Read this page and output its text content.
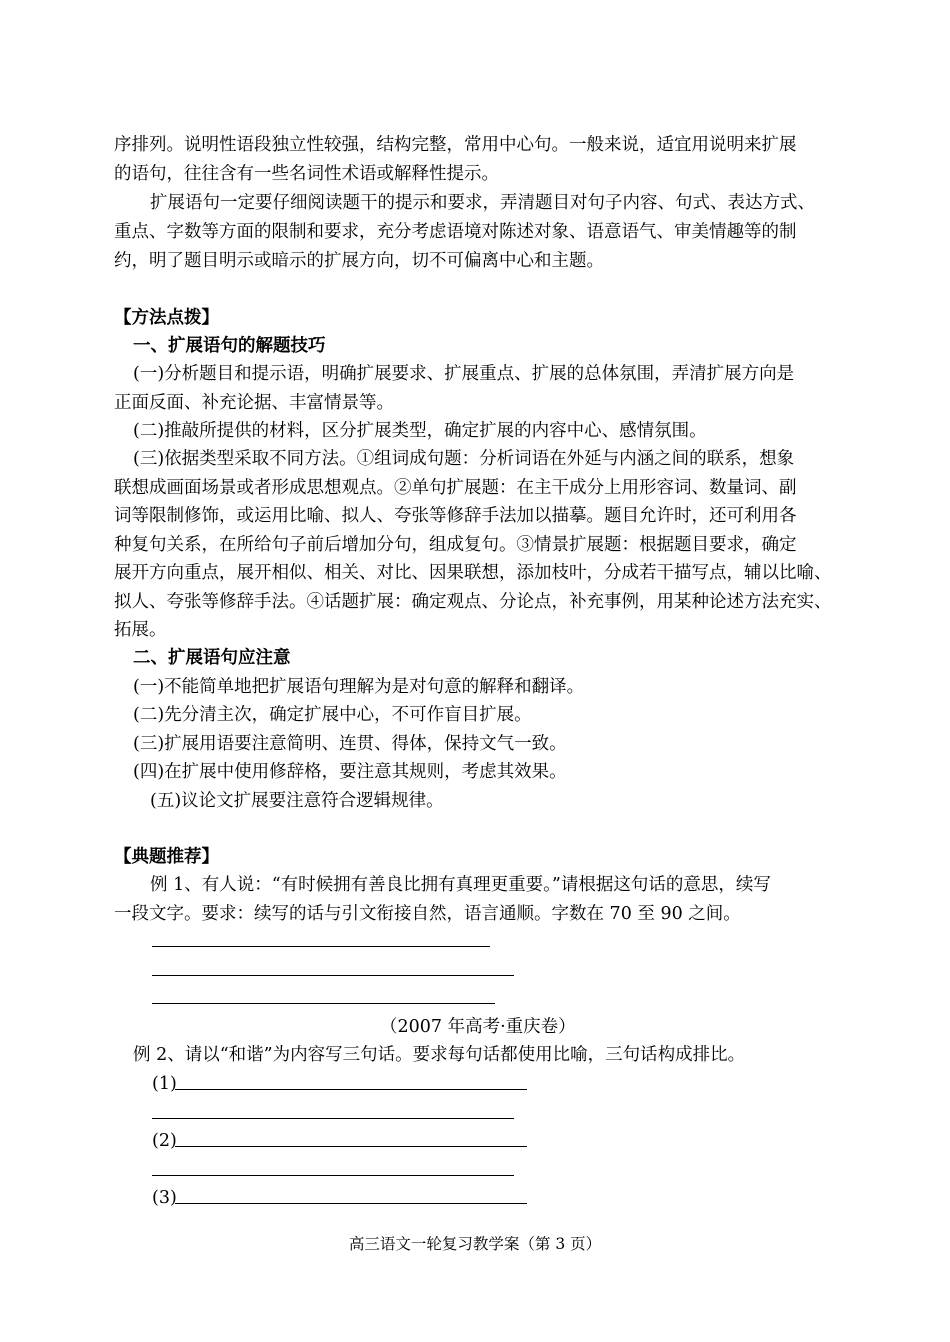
序排列。说明性语段独立性较强，结构完整，常用中心句。一般来说，适宜用说明来扩展
的语句，往往含有一些名词性术语或解释性提示。
扩展语句一定要仔细阅读题干的提示和要求，弄清题目对句子内容、句式、表达方式、
重点、字数等方面的限制和要求，充分考虑语境对陈述对象、语意语气、审美情趣等的制
约，明了题目明示或暗示的扩展方向，切不可偏离中心和主题。
【方法点拨】
一、扩展语句的解题技巧
(一)分析题目和提示语，明确扩展要求、扩展重点、扩展的总体氛围，弄清扩展方向是
正面反面、补充论据、丰富情景等。
(二)推敲所提供的材料，区分扩展类型，确定扩展的内容中心、感情氛围。
(三)依据类型采取不同方法。①组词成句题：分析词语在外延与内涵之间的联系，想象
联想成画面场景或者形成思想观点。②单句扩展题：在主干成分上用形容词、数量词、副
词等限制修饰，或运用比喻、拟人、夸张等修辞手法加以描摹。题目允许时，还可利用各
种复句关系，在所给句子前后增加分句，组成复句。③情景扩展题：根据题目要求，确定
展开方向重点，展开相似、相关、对比、因果联想，添加枝叶，分成若干描写点，辅以比喻、
拟人、夸张等修辞手法。④话题扩展：确定观点、分论点，补充事例，用某种论述方法充实、
拓展。
二、扩展语句应注意
(一)不能简单地把扩展语句理解为是对句意的解释和翻译。
(二)先分清主次，确定扩展中心，不可作盲目扩展。
(三)扩展用语要注意简明、连贯、得体，保持文气一致。
(四)在扩展中使用修辞格，要注意其规则，考虑其效果。
(五)议论文扩展要注意符合逻辑规律。
【典题推荐】
例 1、有人说：“有时候拥有善良比拥有真理更重要。”请根据这句话的意思，续写
一段文字。要求：续写的话与引文衔接自然，语言通顺。字数在 70 至 90 之间。
（2007 年高考·重庆卷）
例 2、请以“和谐”为内容写三句话。要求每句话都使用比喻，三句话构成排比。
(1)
(2)
(3)
高三语文一轮复习教学案（第 3 页）
